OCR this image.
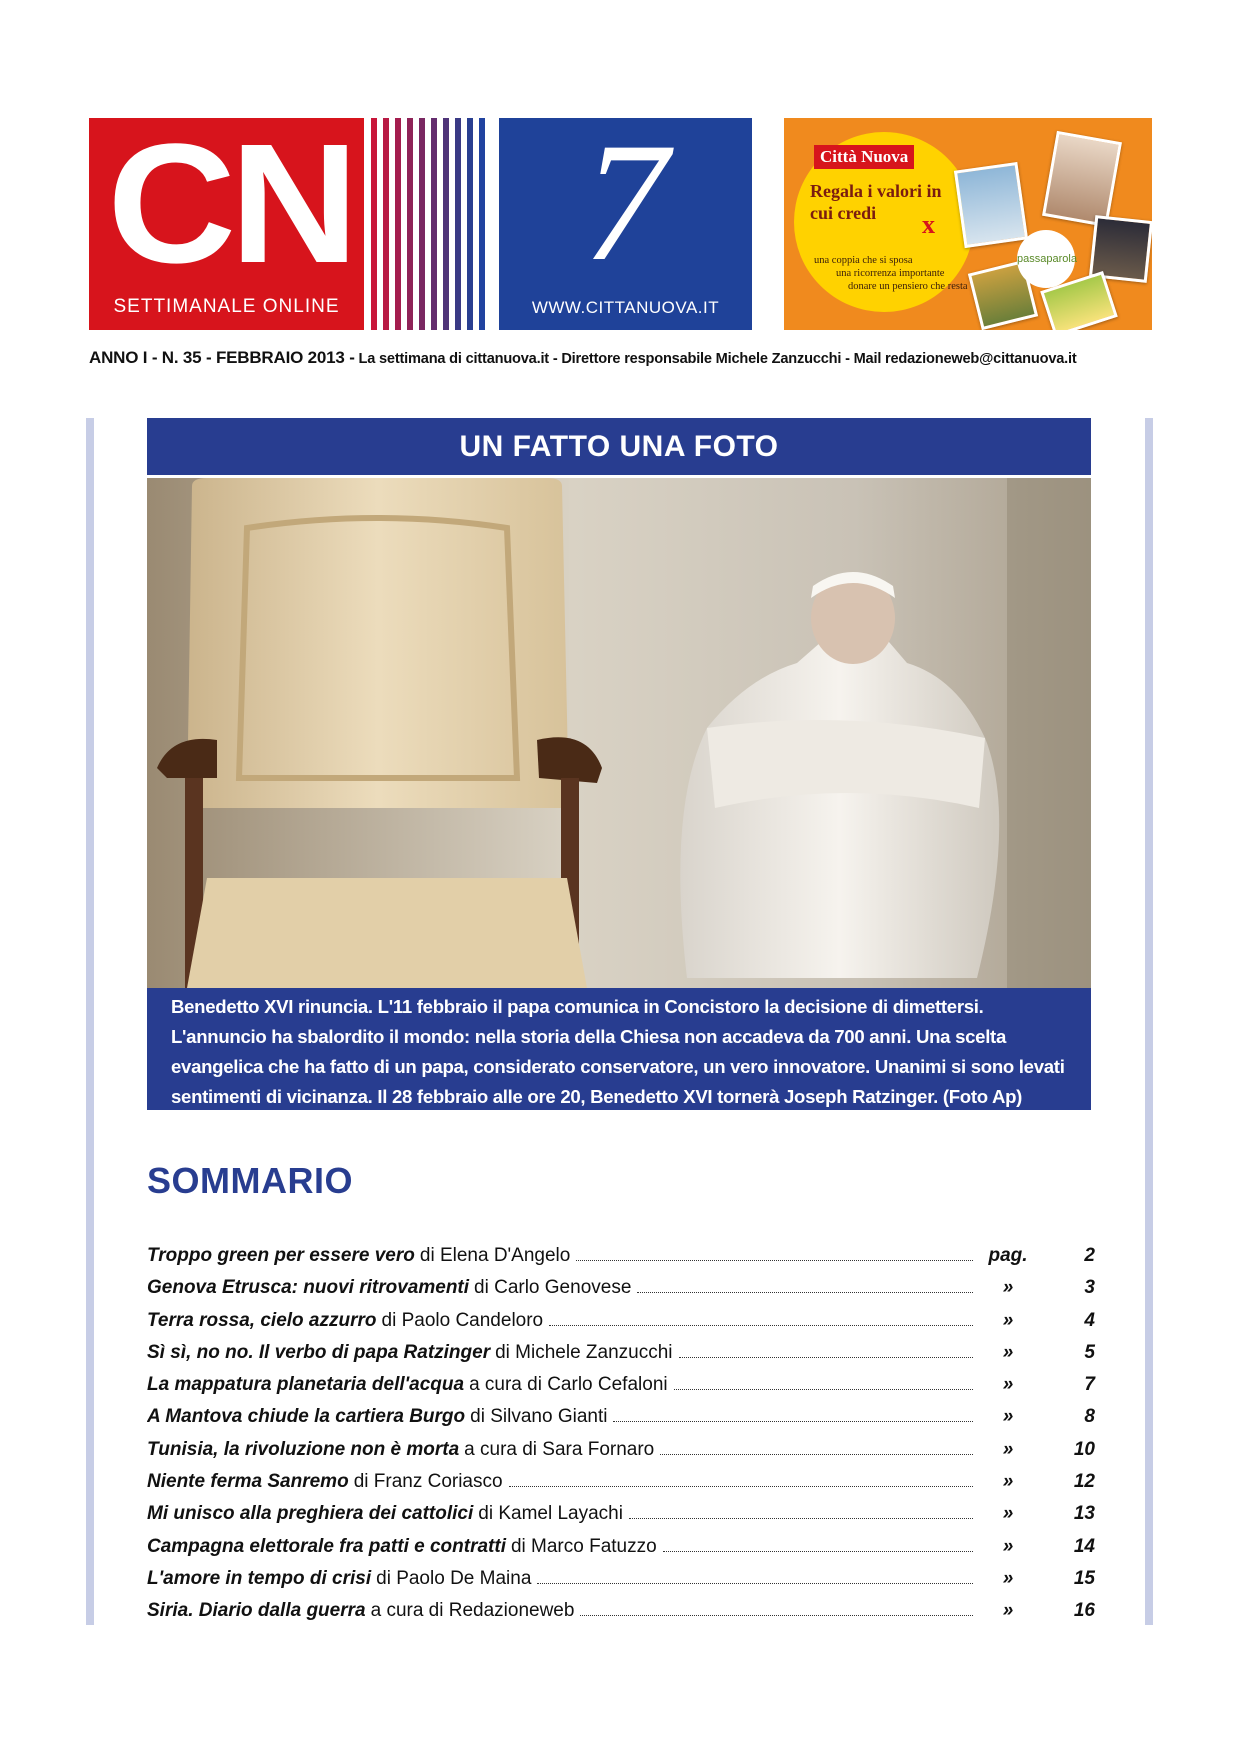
CN
SETTIMANALE ONLINE
7
WWW.CITTANUOVA.IT
Città Nuova
Regala i valori in cui credi	x
una coppia che si sposa
una ricorrenza importante
donare un pensiero che resta
passaparola
ANNO I - N. 35 - FEBBRAIO 2013 - La settimana di cittanuova.it - Direttore responsabile Michele Zanzucchi - Mail redazioneweb@cittanuova.it
UN FATTO UNA FOTO
Benedetto XVI rinuncia. L'11 febbraio il papa comunica in Concistoro la decisione di dimettersi. L'annuncio ha sbalordito il mondo: nella storia della Chiesa non accadeva da 700 anni. Una scelta evangelica che ha fatto di un papa, considerato conservatore, un vero innovatore. Unanimi si sono levati sentimenti di vicinanza. Il 28 febbraio alle ore 20, Benedetto XVI tornerà Joseph Ratzinger. (Foto Ap)
SOMMARIO
Troppo green per essere vero di Elena D'Angelo	pag.	2
Genova Etrusca: nuovi ritrovamenti di Carlo Genovese	»	3
Terra rossa, cielo azzurro di Paolo Candeloro	»	4
Sì sì, no no. Il verbo di papa Ratzinger di Michele Zanzucchi	»	5
La mappatura planetaria dell'acqua a cura di Carlo Cefaloni	»	7
A Mantova chiude la cartiera Burgo di Silvano Gianti	»	8
Tunisia, la rivoluzione non è morta a cura di Sara Fornaro	»	10
Niente ferma Sanremo di Franz Coriasco	»	12
Mi unisco alla preghiera dei cattolici di Kamel Layachi	»	13
Campagna elettorale fra patti e contratti di Marco Fatuzzo	»	14
L'amore in tempo di crisi di Paolo De Maina	»	15
Siria. Diario dalla guerra a cura di Redazioneweb	»	16
